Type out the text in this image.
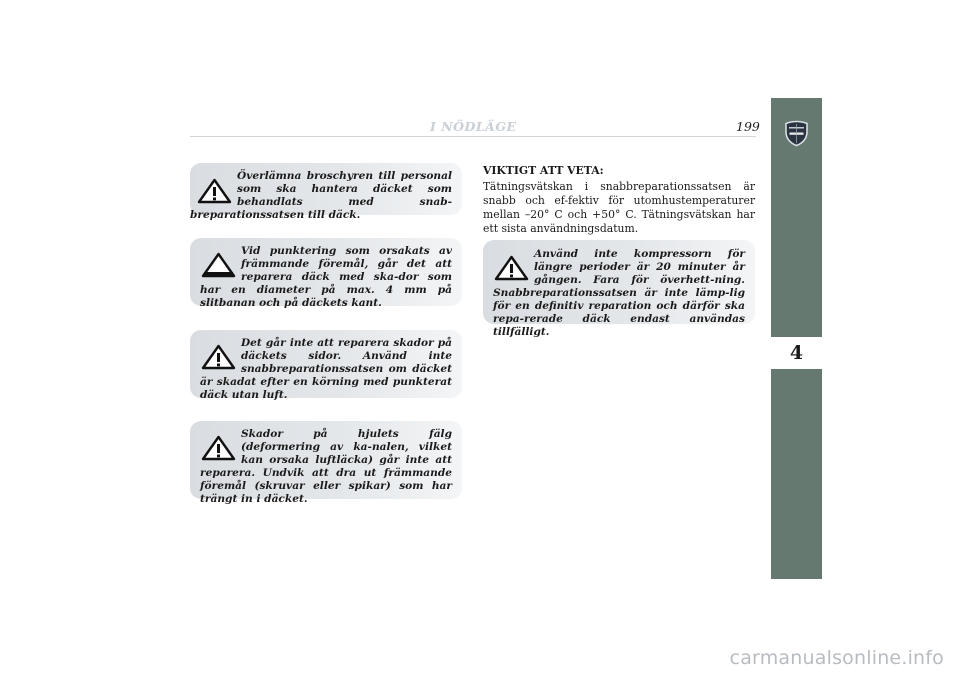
I NÖDLÄGE	199
4

Överlämna broschyren till personal som ska hantera däcket som behandlats med snab-breparationssatsen till däck.

Vid punktering som orsakats av främmande föremål, går det att reparera däck med ska-dor som har en diameter på max. 4 mm på slitbanan och på däckets kant.

Det går inte att reparera skador på däckets sidor. Använd inte snabbreparationssatsen om däcket är skadat efter en körning med punkterat däck utan luft.

Skador på hjulets fälg (deformering av ka-nalen, vilket kan orsaka luftläcka) går inte att reparera. Undvik att dra ut främmande föremål (skruvar eller spikar) som har trängt in i däcket.

VIKTIGT ATT VETA:

Tätningsvätskan i snabbreparationssatsen är snabb och ef-fektiv för utomhustemperaturer mellan –20° C och +50° C. Tätningsvätskan har ett sista användningsdatum.

Använd inte kompressorn för längre perioder är 20 minuter år gången. Fara för överhett-ning. Snabbreparationssatsen är inte lämp-lig för en definitiv reparation och därför ska repa-rerade däck endast användas tillfälligt.

carmanualsonline.info
